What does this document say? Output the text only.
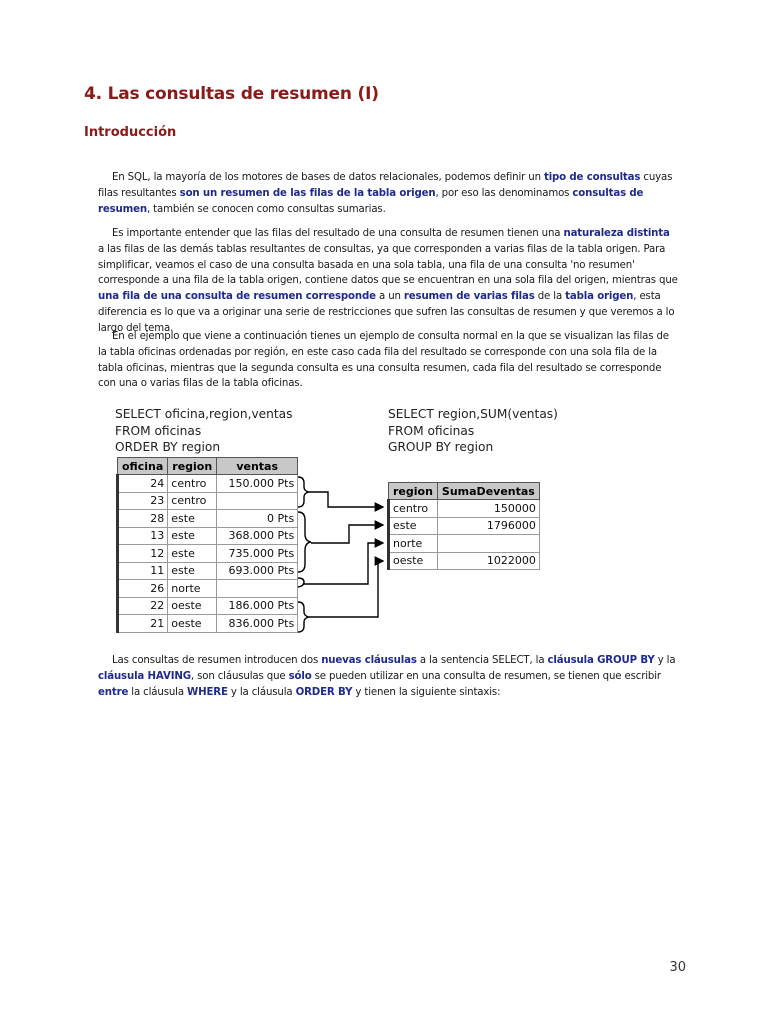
4. Las consultas de resumen (I)
Introducción

En SQL, la mayoría de los motores de bases de datos relacionales, podemos definir un tipo de consultas cuyas filas resultantes son un resumen de las filas de la tabla origen, por eso las denominamos consultas de resumen, también se conocen como consultas sumarias.

Es importante entender que las filas del resultado de una consulta de resumen tienen una naturaleza distinta a las filas de las demás tablas resultantes de consultas, ya que corresponden a varias filas de la tabla origen. Para simplificar, veamos el caso de una consulta basada en una sola tabla, una fila de una consulta 'no resumen' corresponde a una fila de la tabla origen, contiene datos que se encuentran en una sola fila del origen, mientras que una fila de una consulta de resumen corresponde a un resumen de varias filas de la tabla origen, esta diferencia es lo que va a originar una serie de restricciones que sufren las consultas de resumen y que veremos a lo largo del tema.

En el ejemplo que viene a continuación tienes un ejemplo de consulta normal en la que se visualizan las filas de la tabla oficinas ordenadas por región, en este caso cada fila del resultado se corresponde con una sola fila de la tabla oficinas, mientras que la segunda consulta es una consulta resumen, cada fila del resultado se corresponde con una o varias filas de la tabla oficinas.

SELECT oficina,region,ventas
FROM oficinas
ORDER BY region
SELECT region,SUM(ventas)
FROM oficinas
GROUP BY region
oficina	region	ventas
24	centro	150.000 Pts
23	centro	
28	este	0 Pts
13	este	368.000 Pts
12	este	735.000 Pts
11	este	693.000 Pts
26	norte	
22	oeste	186.000 Pts
21	oeste	836.000 Pts
region	SumaDeventas
centro	150000
este	1796000
norte	
oeste	1022000

Las consultas de resumen introducen dos nuevas cláusulas a la sentencia SELECT, la cláusula GROUP BY y la cláusula HAVING, son cláusulas que sólo se pueden utilizar en una consulta de resumen, se tienen que escribir entre la cláusula WHERE y la cláusula ORDER BY y tienen la siguiente sintaxis:

30
